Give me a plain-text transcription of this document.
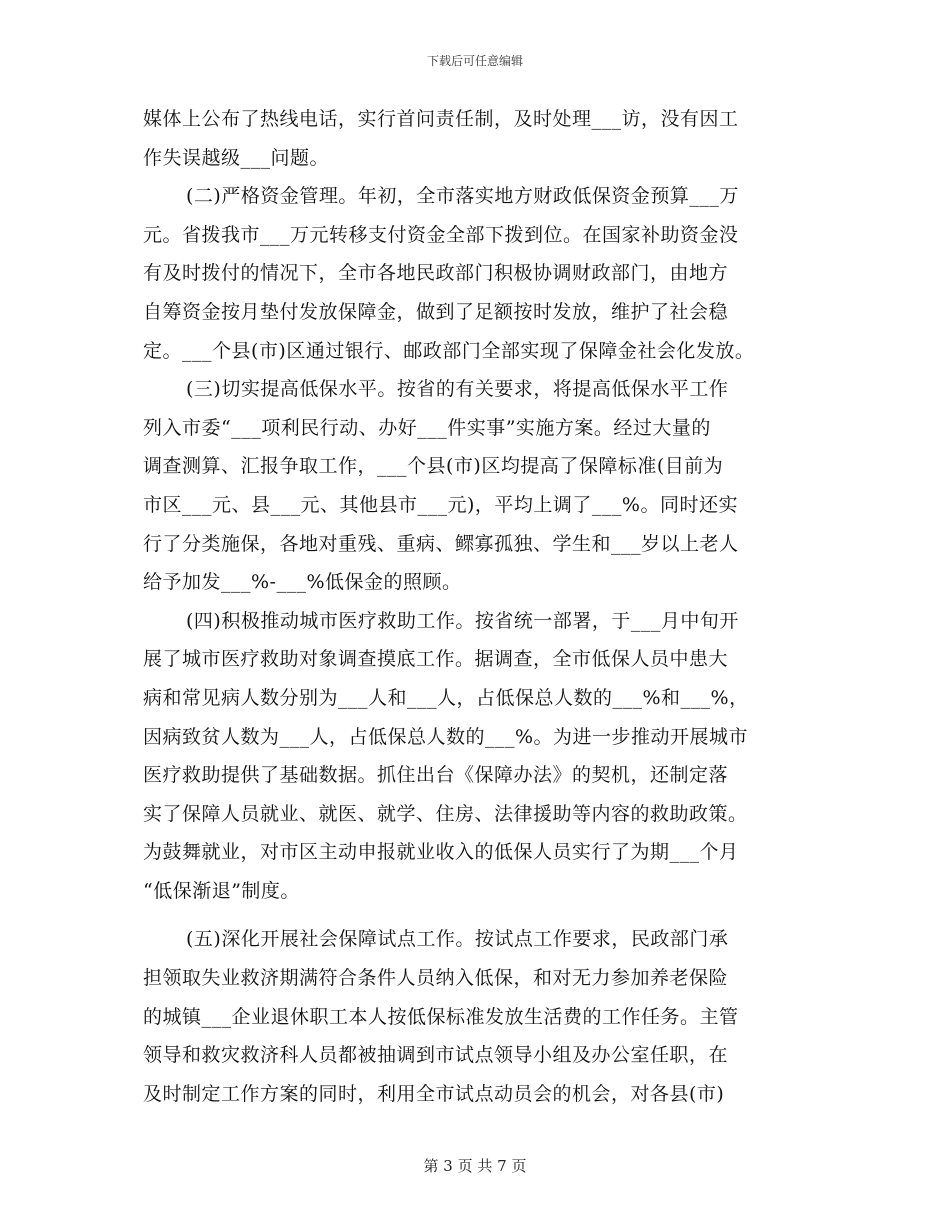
下载后可任意编辑
媒体上公布了热线电话，实行首问责任制，及时处理___访，没有因工
作失误越级___问题。
(二)严格资金管理。年初，全市落实地方财政低保资金预算___万
元。省拨我市___万元转移支付资金全部下拨到位。在国家补助资金没
有及时拨付的情况下，全市各地民政部门积极协调财政部门，由地方
自筹资金按月垫付发放保障金，做到了足额按时发放，维护了社会稳
定。___个县(市)区通过银行、邮政部门全部实现了保障金社会化发放。
(三)切实提高低保水平。按省的有关要求，将提高低保水平工作
列入市委“___项利民行动、办好___件实事”实施方案。经过大量的
调查测算、汇报争取工作，___个县(市)区均提高了保障标准(目前为
市区___元、县___元、其他县市___元)，平均上调了___%。同时还实
行了分类施保，各地对重残、重病、鳏寡孤独、学生和___岁以上老人
给予加发___%-___%低保金的照顾。
(四)积极推动城市医疗救助工作。按省统一部署，于___月中旬开
展了城市医疗救助对象调查摸底工作。据调查，全市低保人员中患大
病和常见病人数分别为___人和___人，占低保总人数的___%和___%，
因病致贫人数为___人，占低保总人数的___%。为进一步推动开展城市
医疗救助提供了基础数据。抓住出台《保障办法》的契机，还制定落
实了保障人员就业、就医、就学、住房、法律援助等内容的救助政策。
为鼓舞就业，对市区主动申报就业收入的低保人员实行了为期___个月
“低保渐退”制度。
(五)深化开展社会保障试点工作。按试点工作要求，民政部门承
担领取失业救济期满符合条件人员纳入低保，和对无力参加养老保险
的城镇___企业退休职工本人按低保标准发放生活费的工作任务。主管
领导和救灾救济科人员都被抽调到市试点领导小组及办公室任职，在
及时制定工作方案的同时，利用全市试点动员会的机会，对各县(市)
第 3 页 共 7 页
